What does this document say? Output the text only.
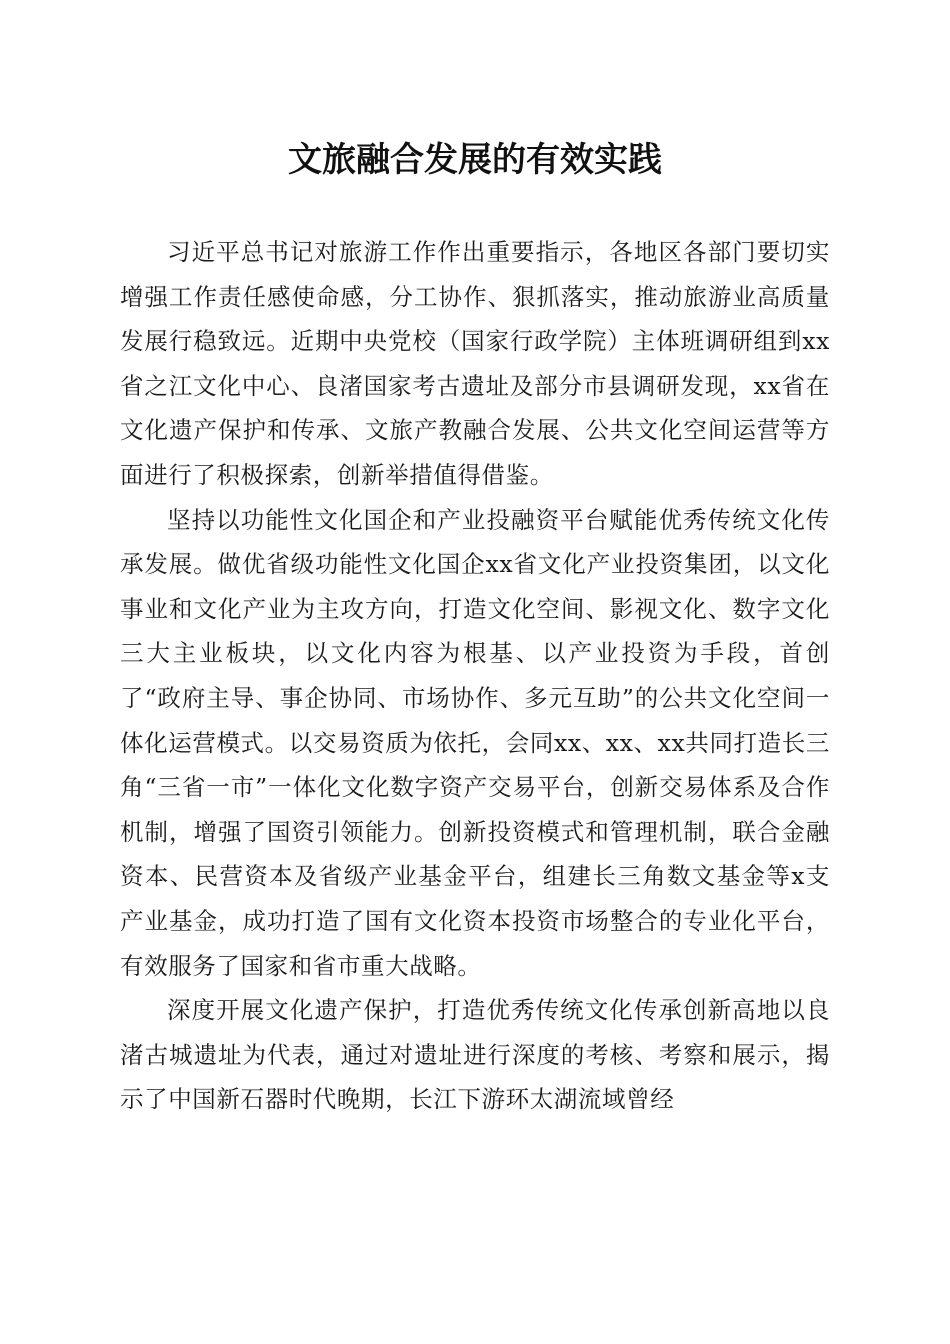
文旅融合发展的有效实践

习近平总书记对旅游工作作出重要指示，各地区各部门要切实增强工作责任感使命感，分工协作、狠抓落实，推动旅游业高质量发展行稳致远。近期中央党校（国家行政学院）主体班调研组到xx省之江文化中心、良渚国家考古遗址及部分市县调研发现，xx省在文化遗产保护和传承、文旅产教融合发展、公共文化空间运营等方面进行了积极探索，创新举措值得借鉴。

坚持以功能性文化国企和产业投融资平台赋能优秀传统文化传承发展。做优省级功能性文化国企xx省文化产业投资集团，以文化事业和文化产业为主攻方向，打造文化空间、影视文化、数字文化三大主业板块，以文化内容为根基、以产业投资为手段，首创了“政府主导、事企协同、市场协作、多元互助”的公共文化空间一体化运营模式。以交易资质为依托，会同xx、xx、xx共同打造长三角“三省一市”一体化文化数字资产交易平台，创新交易体系及合作机制，增强了国资引领能力。创新投资模式和管理机制，联合金融资本、民营资本及省级产业基金平台，组建长三角数文基金等x支产业基金，成功打造了国有文化资本投资市场整合的专业化平台，有效服务了国家和省市重大战略。

深度开展文化遗产保护，打造优秀传统文化传承创新高地以良渚古城遗址为代表，通过对遗址进行深度的考核、考察和展示，揭示了中国新石器时代晚期，长江下游环太湖流域曾经
